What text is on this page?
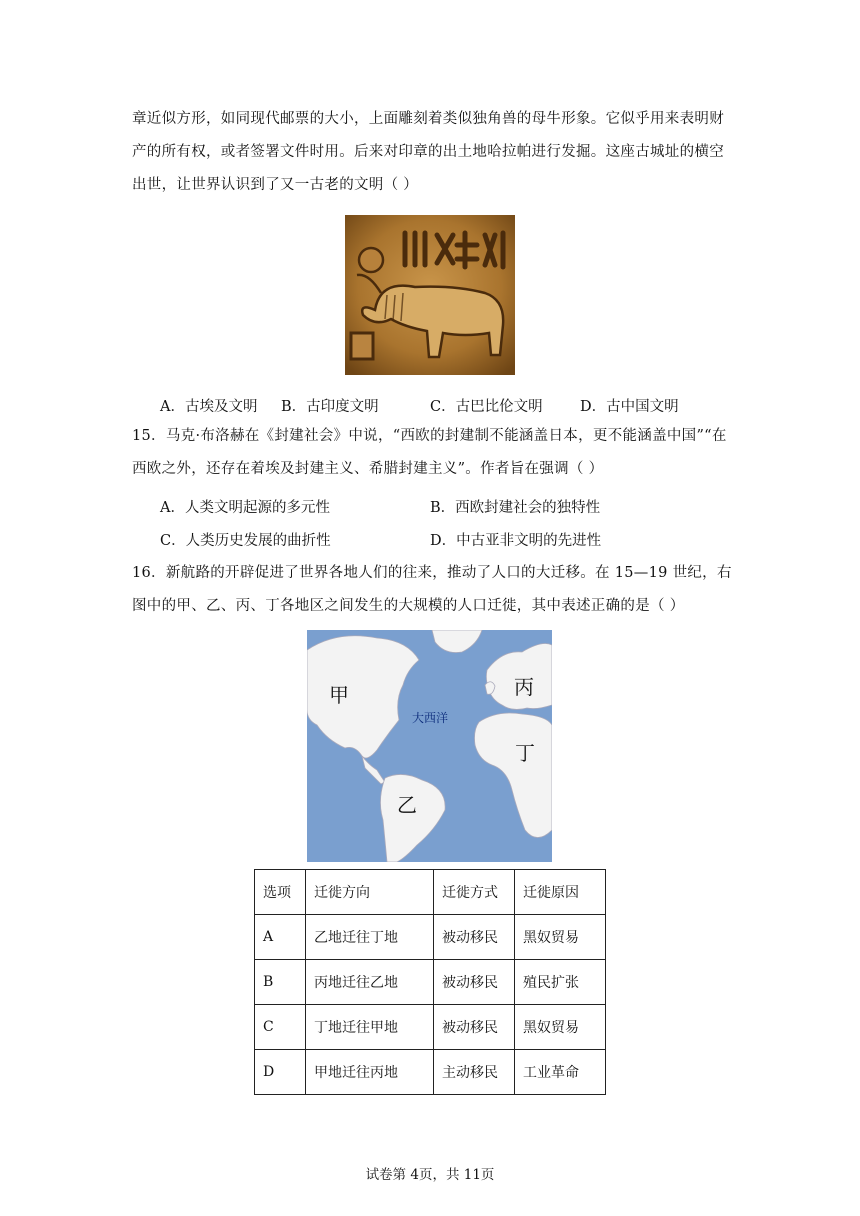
章近似方形，如同现代邮票的大小，上面雕刻着类似独角兽的母牛形象。它似乎用来表明财
产的所有权，或者签署文件时用。后来对印章的出土地哈拉帕进行发掘。这座古城址的横空
出世，让世界认识到了又一古老的文明（ ）
A．古埃及文明 B．古印度文明	C．古巴比伦文明	D．古中国文明
15．马克·布洛赫在《封建社会》中说，“西欧的封建制不能涵盖日本，更不能涵盖中国”“在
西欧之外，还存在着埃及封建主义、希腊封建主义”。作者旨在强调（ ）
A．人类文明起源的多元性	B．西欧封建社会的独特性
C．人类历史发展的曲折性	D．中古亚非文明的先进性
16．新航路的开辟促进了世界各地人们的往来，推动了人口的大迁移。在 15—19 世纪，右
图中的甲、乙、丙、丁各地区之间发生的大规模的人口迁徙，其中表述正确的是（ ）
甲	丙
丁
乙
大西洋
选项	迁徙方向	迁徙方式	迁徙原因
A	乙地迁往丁地	被动移民	黑奴贸易
B	丙地迁往乙地	被动移民	殖民扩张
C	丁地迁往甲地	被动移民	黑奴贸易
D	甲地迁往丙地	主动移民	工业革命
试卷第 4页，共 11页
